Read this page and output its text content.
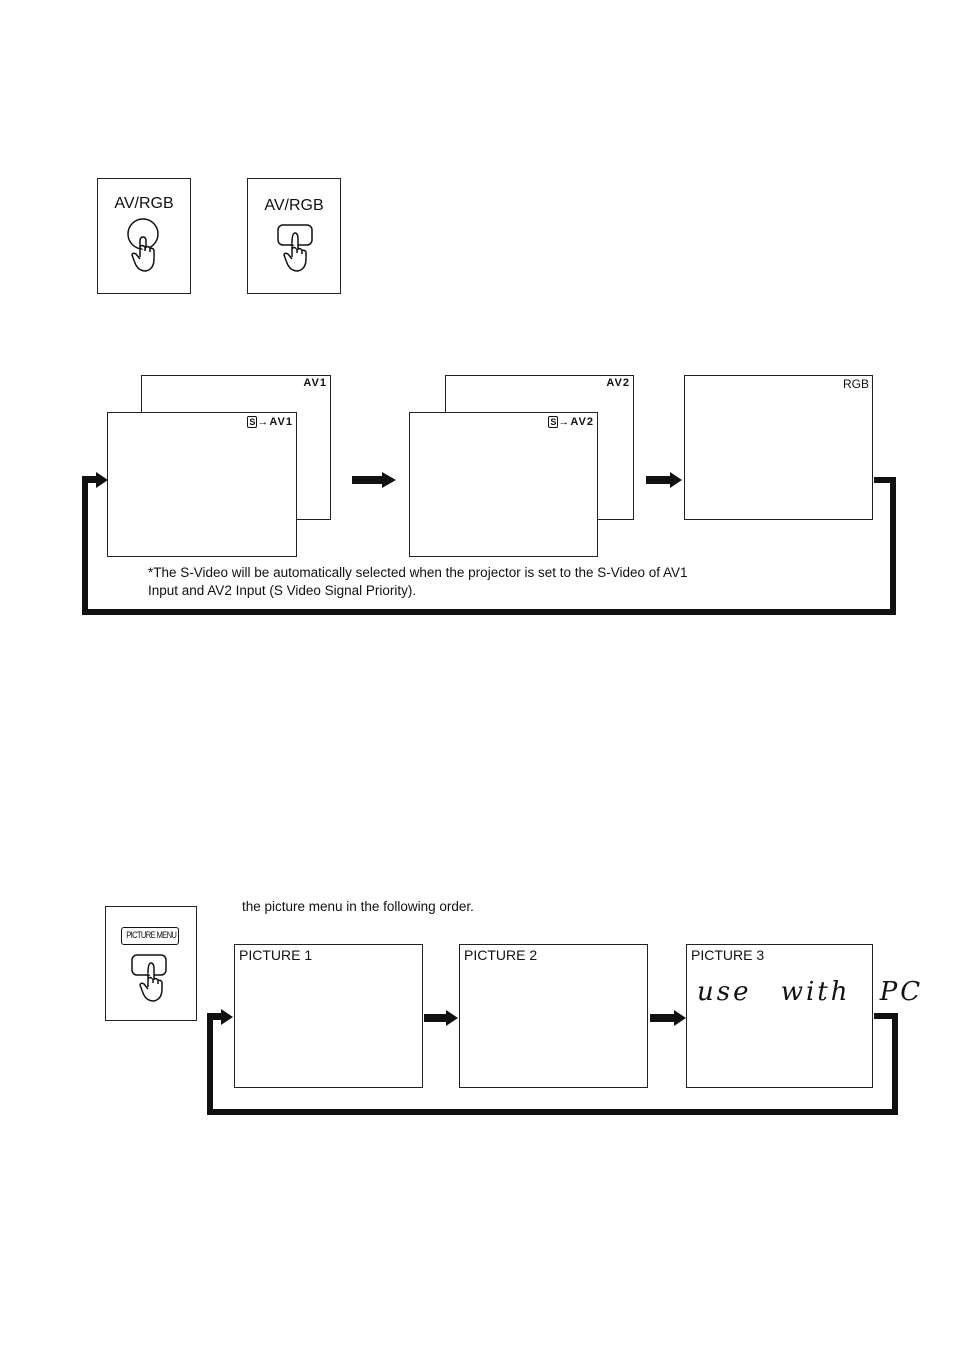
AV/RGB	AV/RGB
AV1
S →AV1
AV2
S →AV2
RGB
*The S-Video will be automatically selected when the projector is set to the S-Video of AV1
Input and AV2 Input (S Video Signal Priority).
the picture menu in the following order.
PICTURE MENU
PICTURE 1	PICTURE 2	PICTURE 3
use with PC
